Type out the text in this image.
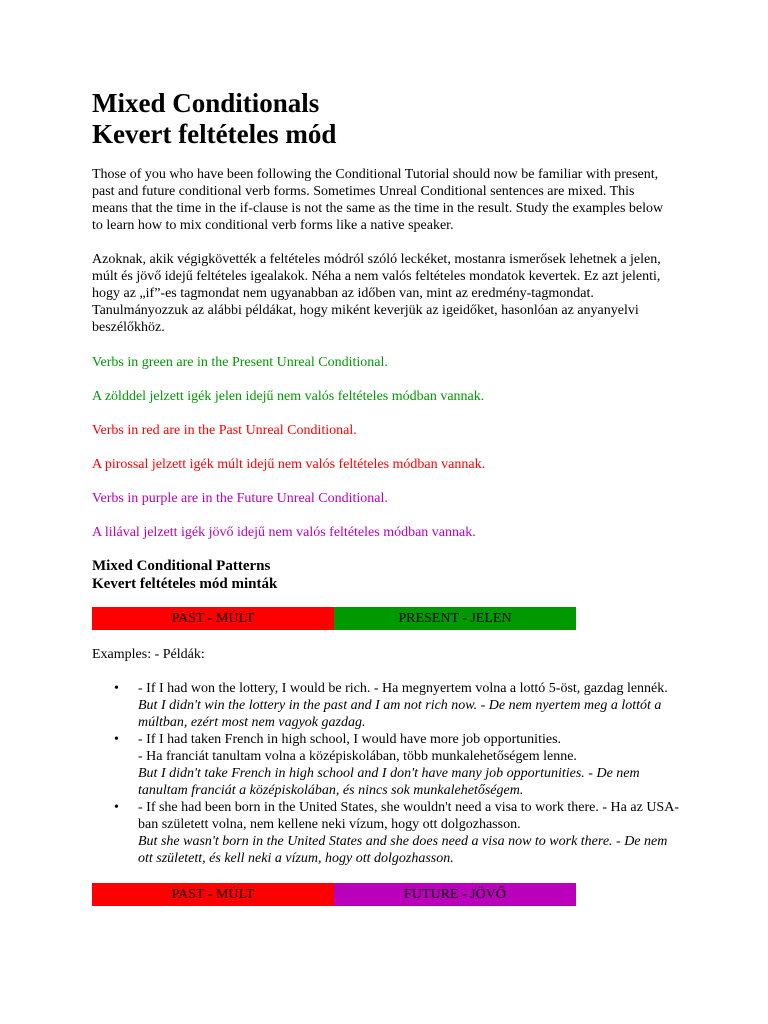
Mixed Conditionals
Kevert feltételes mód

Those of you who have been following the Conditional Tutorial should now be familiar with present, past and future conditional verb forms. Sometimes Unreal Conditional sentences are mixed. This means that the time in the if-clause is not the same as the time in the result. Study the examples below to learn how to mix conditional verb forms like a native speaker.

Azoknak, akik végigkövették a feltételes módról szóló leckéket, mostanra ismerősek lehetnek a jelen, múlt és jövő idejű feltételes igealakok. Néha a nem valós feltételes mondatok kevertek. Ez azt jelenti, hogy az „if”-es tagmondat nem ugyanabban az időben van, mint az eredmény-tagmondat. Tanulmányozzuk az alábbi példákat, hogy miként keverjük az igeidőket, hasonlóan az anyanyelvi beszélőkhöz.

Verbs in green are in the Present Unreal Conditional.

A zölddel jelzett igék jelen idejű nem valós feltételes módban vannak.

Verbs in red are in the Past Unreal Conditional.

A pirossal jelzett igék múlt idejű nem valós feltételes módban vannak.

Verbs in purple are in the Future Unreal Conditional.

A lilával jelzett igék jövő idejű nem valós feltételes módban vannak.

Mixed Conditional Patterns
Kevert feltételes mód minták
PAST - MÚLT	PRESENT - JELEN

Examples: - Példák:

• - If I had won the lottery, I would be rich. - Ha megnyertem volna a lottó 5-öst, gazdag lennék.
But I didn't win the lottery in the past and I am not rich now. - De nem nyertem meg a lottót a múltban, ezért most nem vagyok gazdag.
• - If I had taken French in high school, I would have more job opportunities.
- Ha franciát tanultam volna a középiskolában, több munkalehetőségem lenne.
But I didn't take French in high school and I don't have many job opportunities. - De nem tanultam franciát a középiskolában, és nincs sok munkalehetőségem.
• - If she had been born in the United States, she wouldn't need a visa to work there. - Ha az USA-ban született volna, nem kellene neki vízum, hogy ott dolgozhasson.
But she wasn't born in the United States and she does need a visa now to work there. - De nem ott született, és kell neki a vízum, hogy ott dolgozhasson.
PAST - MÚLT	FUTURE - JÖVŐ
